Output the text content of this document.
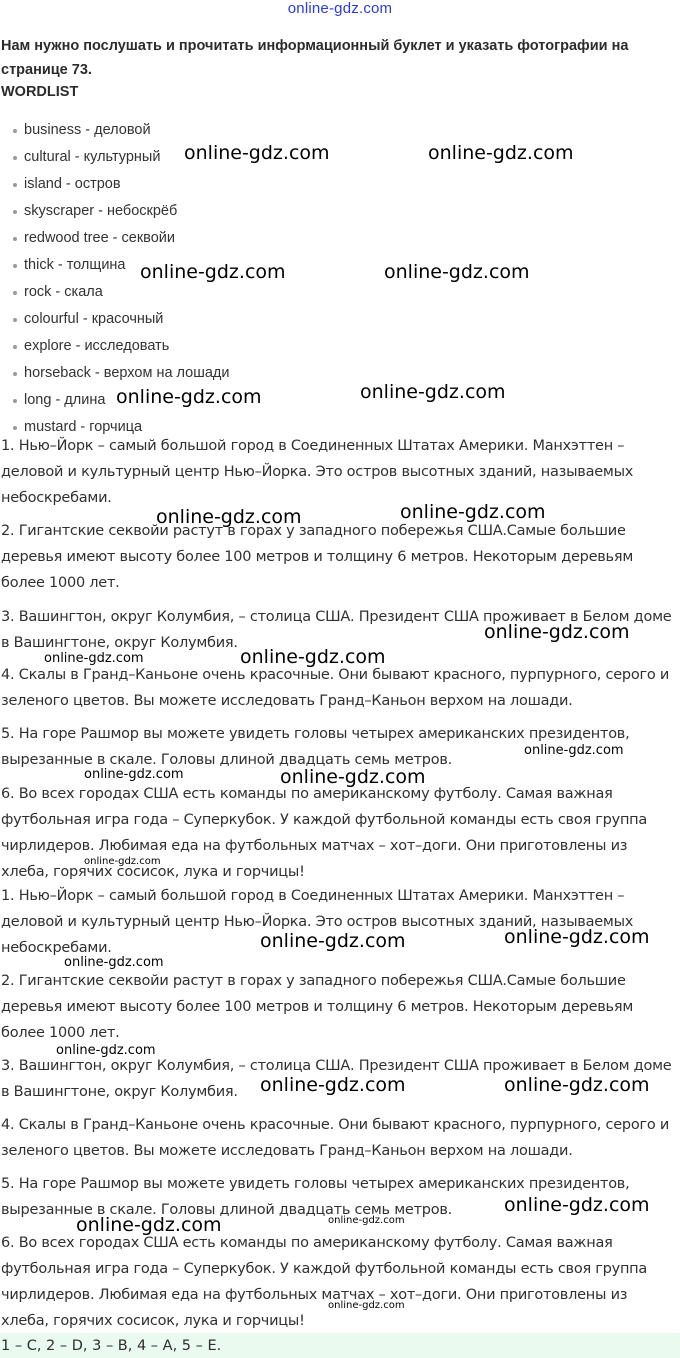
online-gdz.com
Нам нужно послушать и прочитать информационный буклет и указать фотографии на странице 73.
WORDLIST
business - деловой
cultural - культурный
island - остров
skyscraper - небоскрёб
redwood tree - секвойи
thick - толщина
rock - скала
colourful - красочный
explore - исследовать
horseback - верхом на лошади
long - длина
mustard - горчица
1. Нью–Йорк – самый большой город в Соединенных Штатах Америки. Манхэттен – деловой и культурный центр Нью–Йорка. Это остров высотных зданий, называемых небоскребами.
2. Гигантские секвойи растут в горах у западного побережья США.Самые большие деревья имеют высоту более 100 метров и толщину 6 метров. Некоторым деревьям более 1000 лет.
3. Вашингтон, округ Колумбия, – столица США. Президент США проживает в Белом доме в Вашингтоне, округ Колумбия.
4. Скалы в Гранд–Каньоне очень красочные. Они бывают красного, пурпурного, серого и зеленого цветов. Вы можете исследовать Гранд–Каньон верхом на лошади.
5. На горе Рашмор вы можете увидеть головы четырех американских президентов, вырезанные в скале. Головы длиной двадцать семь метров.
6. Во всех городах США есть команды по американскому футболу. Самая важная футбольная игра года – Суперкубок. У каждой футбольной команды есть своя группа чирлидеров. Любимая еда на футбольных матчах – хот–доги. Они приготовлены из хлеба, горячих сосисок, лука и горчицы!
1. Нью–Йорк – самый большой город в Соединенных Штатах Америки. Манхэттен – деловой и культурный центр Нью–Йорка. Это остров высотных зданий, называемых небоскребами.
2. Гигантские секвойи растут в горах у западного побережья США.Самые большие деревья имеют высоту более 100 метров и толщину 6 метров. Некоторым деревьям более 1000 лет.
3. Вашингтон, округ Колумбия, – столица США. Президент США проживает в Белом доме в Вашингтоне, округ Колумбия.
4. Скалы в Гранд–Каньоне очень красочные. Они бывают красного, пурпурного, серого и зеленого цветов. Вы можете исследовать Гранд–Каньон верхом на лошади.
5. На горе Рашмор вы можете увидеть головы четырех американских президентов, вырезанные в скале. Головы длиной двадцать семь метров.
6. Во всех городах США есть команды по американскому футболу. Самая важная футбольная игра года – Суперкубок. У каждой футбольной команды есть своя группа чирлидеров. Любимая еда на футбольных матчах – хот–доги. Они приготовлены из хлеба, горячих сосисок, лука и горчицы!
1 – С, 2 – D, 3 – В, 4 – А, 5 – Е.
online-gdz.com	online-gdz.com
online-gdz.com	online-gdz.com
online-gdz.com	online-gdz.com
online-gdz.com	online-gdz.com
online-gdz.com
online-gdz.com	online-gdz.com
online-gdz.com
online-gdz.com	online-gdz.com
online-gdz.com
online-gdz.com
online-gdz.com
online-gdz.com
online-gdz.com
online-gdz.com	online-gdz.com
online-gdz.com
online-gdz.com	online-gdz.com
online-gdz.com
